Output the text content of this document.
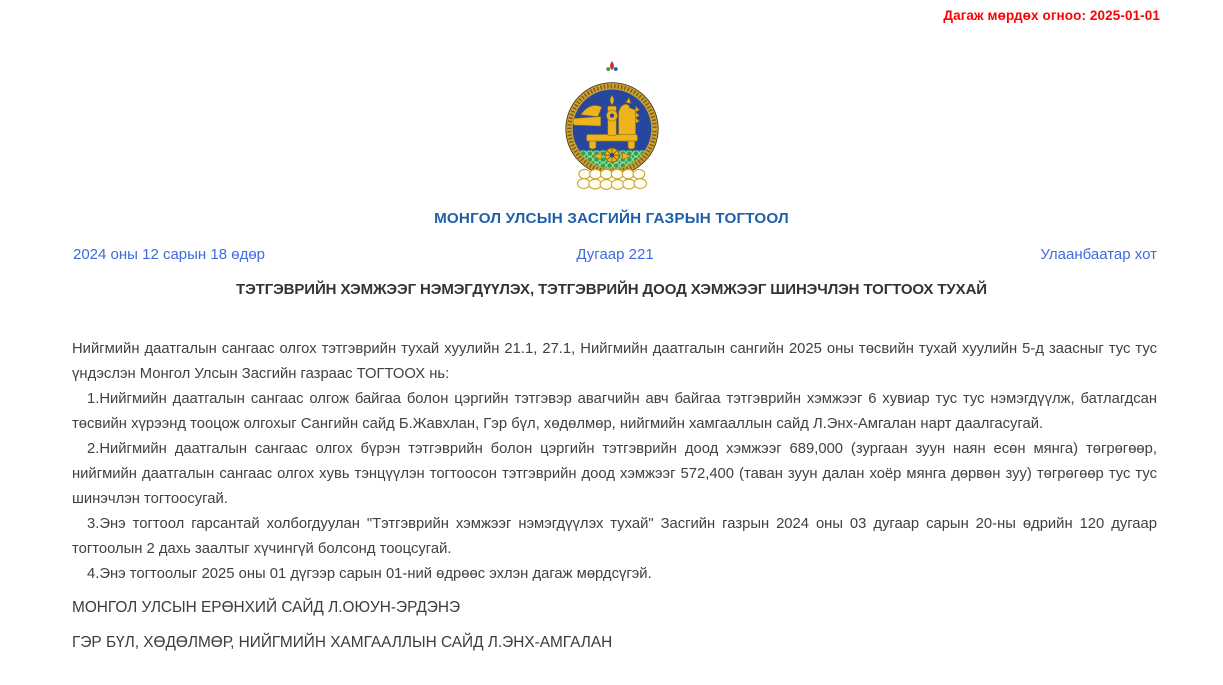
Дагаж мөрдөх огноо: 2025-01-01
МОНГОЛ УЛСЫН ЗАСГИЙН ГАЗРЫН ТОГТООЛ
2024 оны 12 сарын 18 өдөр	Дугаар 221	Улаанбаатар хот
ТЭТГЭВРИЙН ХЭМЖЭЭГ НЭМЭГДҮҮЛЭХ, ТЭТГЭВРИЙН ДООД ХЭМЖЭЭГ ШИНЭЧЛЭН ТОГТООХ ТУХАЙ

Нийгмийн даатгалын сангаас олгох тэтгэврийн тухай хуулийн 21.1, 27.1, Нийгмийн даатгалын сангийн 2025 оны төсвийн тухай хуулийн 5-д заасныг тус тус үндэслэн Монгол Улсын Засгийн газраас ТОГТООХ нь:

1.Нийгмийн даатгалын сангаас олгож байгаа болон цэргийн тэтгэвэр авагчийн авч байгаа тэтгэврийн хэмжээг 6 хувиар тус тус нэмэгдүүлж, батлагдсан төсвийн хүрээнд тооцож олгохыг Сангийн сайд Б.Жавхлан, Гэр бүл, хөдөлмөр, нийгмийн хамгааллын сайд Л.Энх-Амгалан нарт даалгасугай.

2.Нийгмийн даатгалын сангаас олгох бүрэн тэтгэврийн болон цэргийн тэтгэврийн доод хэмжээг 689,000 (зургаан зуун наян есөн мянга) төгрөгөөр, нийгмийн даатгалын сангаас олгох хувь тэнцүүлэн тогтоосон тэтгэврийн доод хэмжээг 572,400 (таван зуун далан хоёр мянга дөрвөн зуу) төгрөгөөр тус тус шинэчлэн тогтоосугай.

3.Энэ тогтоол гарсантай холбогдуулан "Тэтгэврийн хэмжээг нэмэгдүүлэх тухай" Засгийн газрын 2024 оны 03 дугаар сарын 20-ны өдрийн 120 дугаар тогтоолын 2 дахь заалтыг хүчингүй болсонд тооцсугай.

4.Энэ тогтоолыг 2025 оны 01 дүгээр сарын 01-ний өдрөөс эхлэн дагаж мөрдсүгэй.

МОНГОЛ УЛСЫН ЕРӨНХИЙ САЙД Л.ОЮУН-ЭРДЭНЭ

ГЭР БҮЛ, ХӨДӨЛМӨР, НИЙГМИЙН ХАМГААЛЛЫН САЙД Л.ЭНХ-АМГАЛАН
